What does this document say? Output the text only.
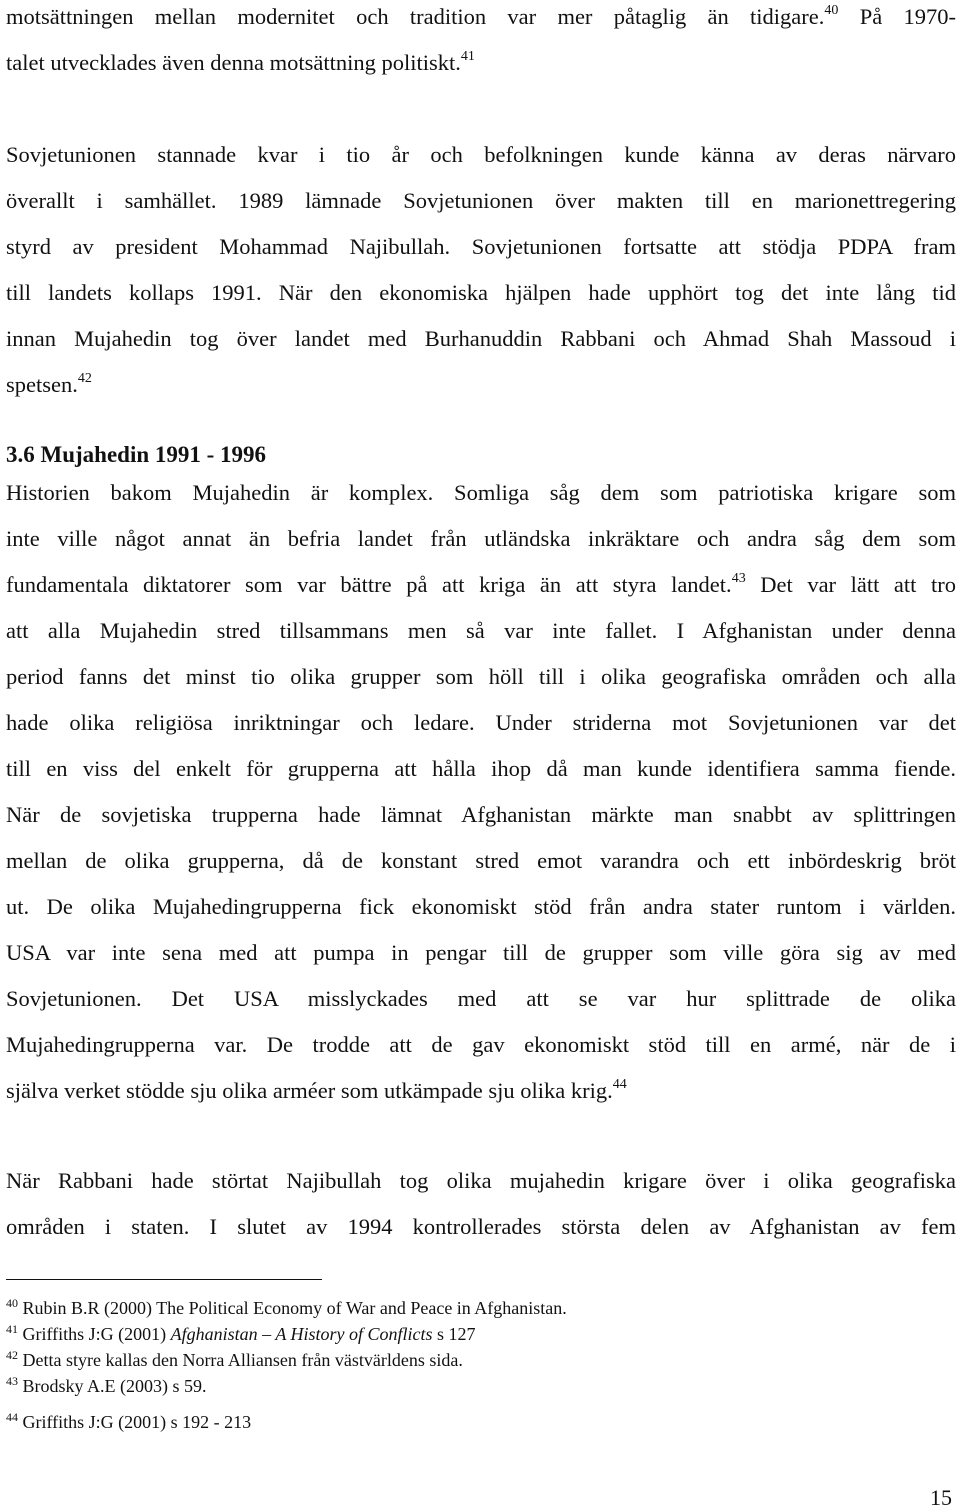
motsättningen mellan modernitet och tradition var mer påtaglig än tidigare.$^{40}$ På 1970-
talet utvecklades även denna motsättning politiskt.$^{41}$
Sovjetunionen stannade kvar i tio år och befolkningen kunde känna av deras närvaro
överallt i samhället. 1989 lämnade Sovjetunionen över makten till en marionettregering
styrd av president Mohammad Najibullah. Sovjetunionen fortsatte att stödja PDPA fram
till landets kollaps 1991. När den ekonomiska hjälpen hade upphört tog det inte lång tid
innan Mujahedin tog över landet med Burhanuddin Rabbani och Ahmad Shah Massoud i
spetsen.$^{42}$
3.6 Mujahedin 1991 - 1996
Historien bakom Mujahedin är komplex. Somliga såg dem som patriotiska krigare som
inte ville något annat än befria landet från utländska inkräktare och andra såg dem som
fundamentala diktatorer som var bättre på att kriga än att styra landet.$^{43}$ Det var lätt att tro
att alla Mujahedin stred tillsammans men så var inte fallet. I Afghanistan under denna
period fanns det minst tio olika grupper som höll till i olika geografiska områden och alla
hade olika religiösa inriktningar och ledare. Under striderna mot Sovjetunionen var det
till en viss del enkelt för grupperna att hålla ihop då man kunde identifiera samma fiende.
När de sovjetiska trupperna hade lämnat Afghanistan märkte man snabbt av splittringen
mellan de olika grupperna, då de konstant stred emot varandra och ett inbördeskrig bröt
ut. De olika Mujahedingrupperna fick ekonomiskt stöd från andra stater runtom i världen.
USA var inte sena med att pumpa in pengar till de grupper som ville göra sig av med
Sovjetunionen. Det USA misslyckades med att se var hur splittrade de olika
Mujahedingrupperna var. De trodde att de gav ekonomiskt stöd till en armé, när de i
själva verket stödde sju olika arméer som utkämpade sju olika krig.$^{44}$
När Rabbani hade störtat Najibullah tog olika mujahedin krigare över i olika geografiska
områden i staten. I slutet av 1994 kontrollerades största delen av Afghanistan av fem
$^{40}$ Rubin B.R (2000) The Political Economy of War and Peace in Afghanistan.
$^{41}$ Griffiths J:G (2001) Afghanistan – A History of Conflicts s 127
$^{42}$ Detta styre kallas den Norra Alliansen från västvärldens sida.
$^{43}$ Brodsky A.E (2003) s 59.
$^{44}$ Griffiths J:G (2001) s 192 - 213
15
